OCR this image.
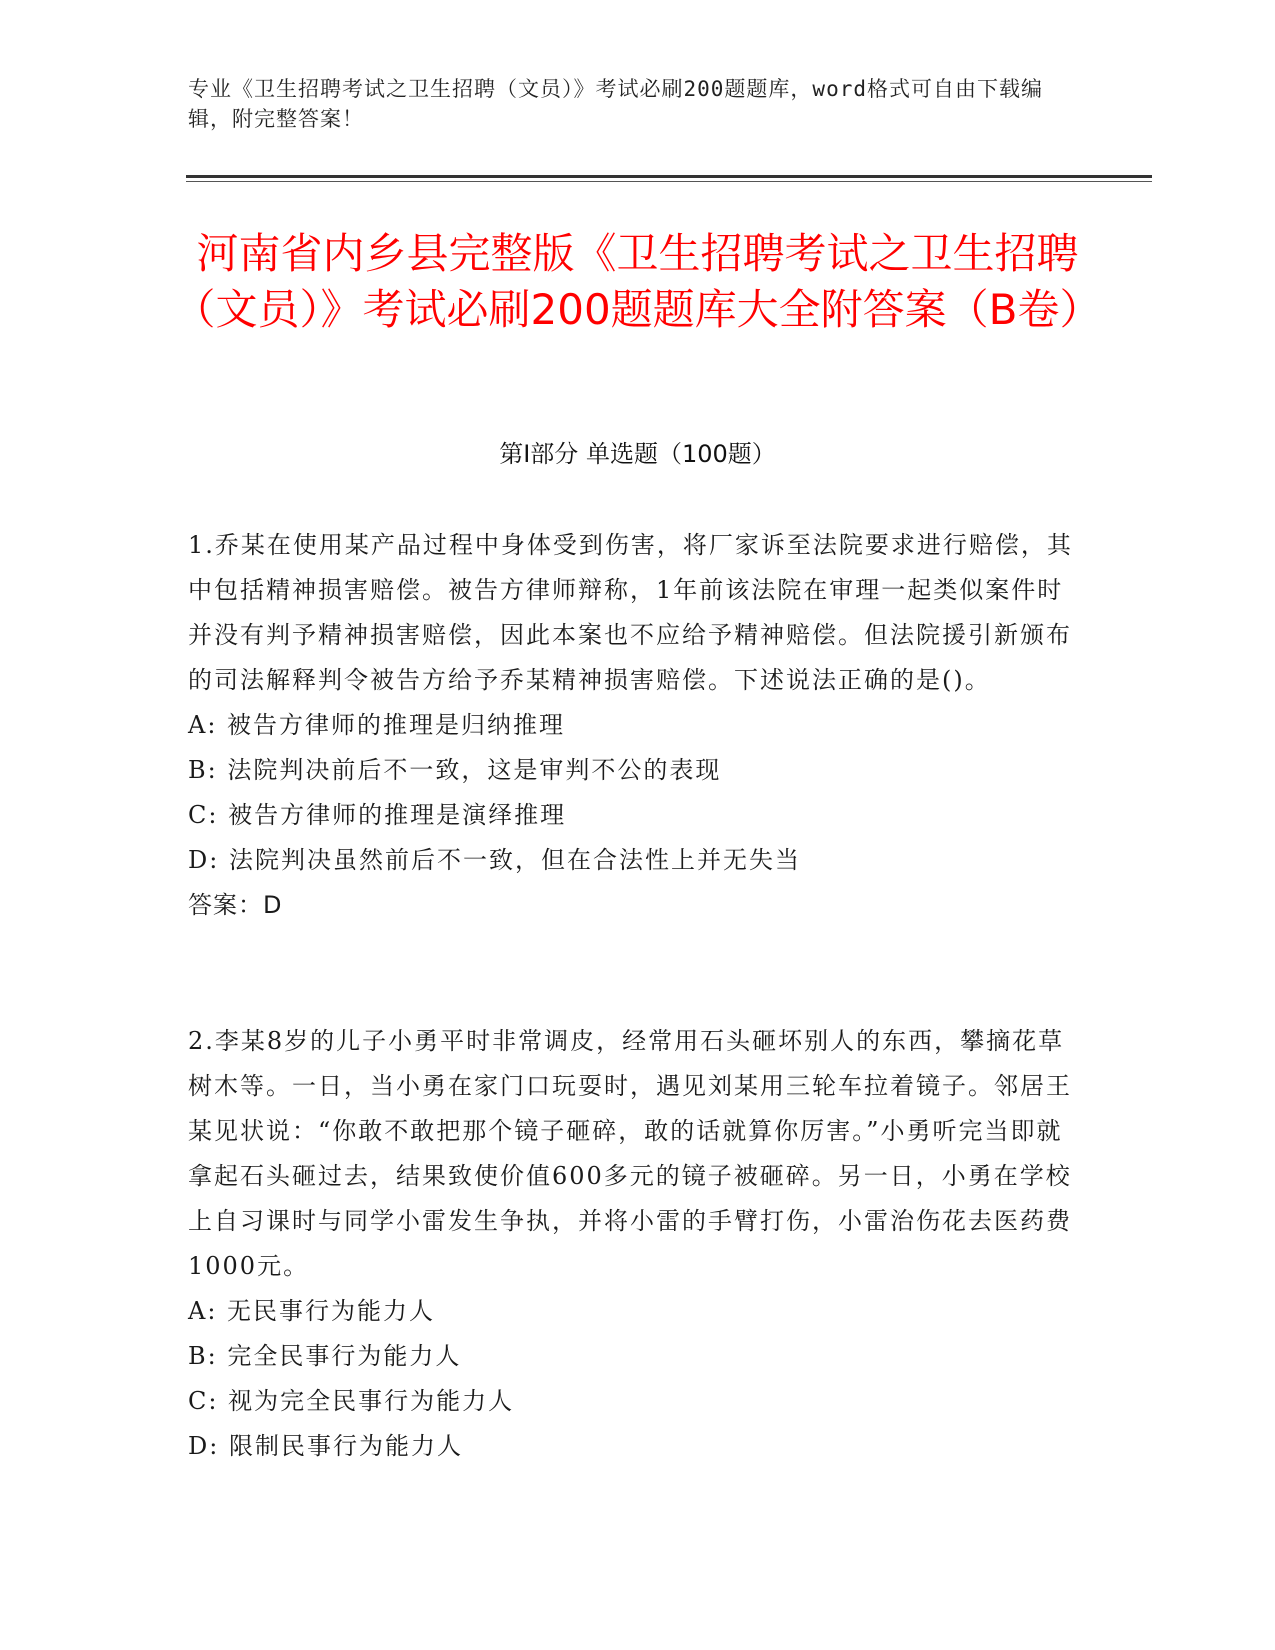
专业《卫生招聘考试之卫生招聘（文员）》考试必刷200题题库，word格式可自由下载编辑，附完整答案！
河南省内乡县完整版《卫生招聘考试之卫生招聘（文员）》考试必刷200题题库大全附答案（B卷）
第Ⅰ部分 单选题（100题）

1.乔某在使用某产品过程中身体受到伤害，将厂家诉至法院要求进行赔偿，其中包括精神损害赔偿。被告方律师辩称，1年前该法院在审理一起类似案件时并没有判予精神损害赔偿，因此本案也不应给予精神赔偿。但法院援引新颁布的司法解释判令被告方给予乔某精神损害赔偿。下述说法正确的是()。

A: 被告方律师的推理是归纳推理

B: 法院判决前后不一致，这是审判不公的表现

C: 被告方律师的推理是演绎推理

D: 法院判决虽然前后不一致，但在合法性上并无失当

答案：D

2.李某8岁的儿子小勇平时非常调皮，经常用石头砸坏别人的东西，攀摘花草树木等。一日，当小勇在家门口玩耍时，遇见刘某用三轮车拉着镜子。邻居王某见状说：“你敢不敢把那个镜子砸碎，敢的话就算你厉害。”小勇听完当即就拿起石头砸过去，结果致使价值600多元的镜子被砸碎。另一日，小勇在学校上自习课时与同学小雷发生争执，并将小雷的手臂打伤，小雷治伤花去医药费1000元。

A: 无民事行为能力人

B: 完全民事行为能力人

C: 视为完全民事行为能力人

D: 限制民事行为能力人
